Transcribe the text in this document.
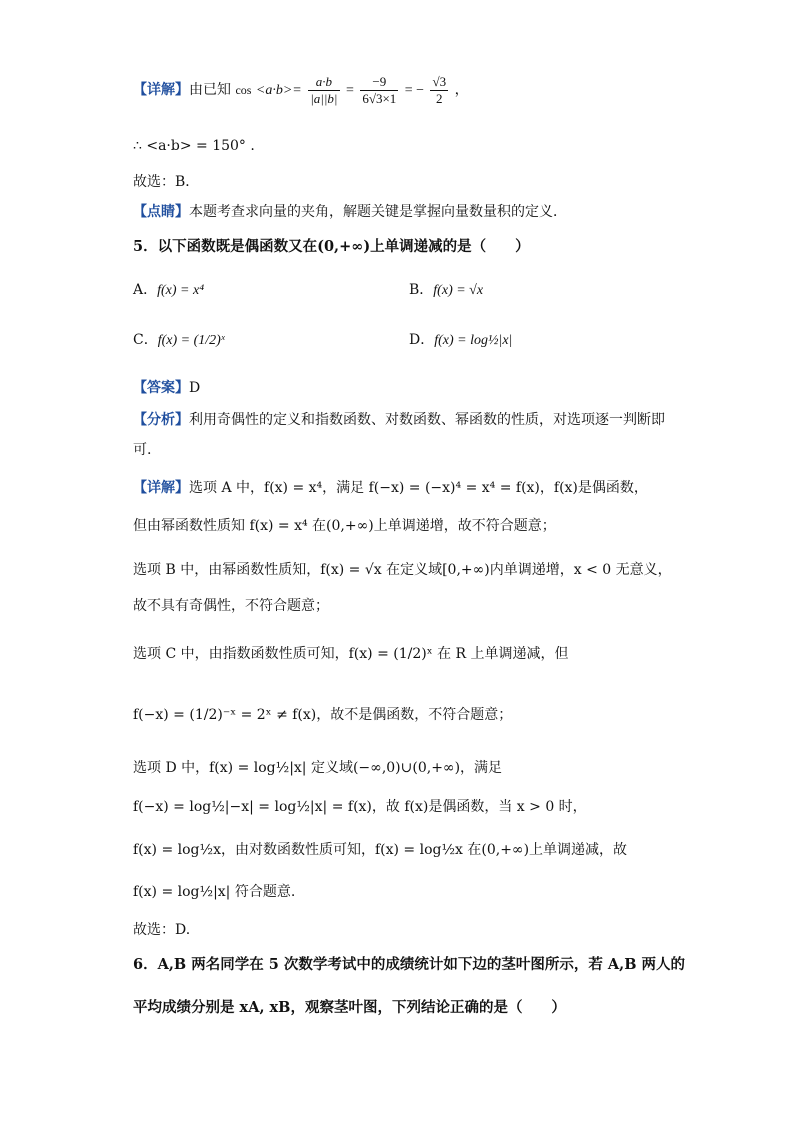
【详解】由已知 $\cos <a\cdot b>= \frac{a\cdot b}{|a||b|} = \frac{-9}{6√3\times 1}$ = − $\frac{√3}{2}$ ，
∴ <a·b> = 150° .
故选：B．
【点睛】本题考查求向量的夹角，解题关键是掌握向量数量积的定义．
5．以下函数既是偶函数又在(0,+∞)上单调递减的是（　　）
A．f(x) = x⁴	B．f(x) = √x
C．f(x) = (1/2)ˣ	D．f(x) = log½|x|
【答案】D
【分析】利用奇偶性的定义和指数函数、对数函数、幂函数的性质，对选项逐一判断即
可.
【详解】选项 A 中，f(x) = x⁴，满足 f(−x) = (−x)⁴ = x⁴ = f(x)，f(x)是偶函数，
但由幂函数性质知 f(x) = x⁴ 在(0,+∞)上单调递增，故不符合题意；
选项 B 中，由幂函数性质知，f(x) = √x 在定义域[0,+∞)内单调递增，x < 0 无意义，
故不具有奇偶性，不符合题意；
选项 C 中，由指数函数性质可知，f(x) = (1/2)ˣ 在 R 上单调递减，但
f(−x) = (1/2)⁻ˣ = 2ˣ ≠ f(x)，故不是偶函数，不符合题意；
选项 D 中，f(x) = log½|x| 定义域(−∞,0)∪(0,+∞)，满足
f(−x) = log½|−x| = log½|x| = f(x)，故 f(x)是偶函数，当 x > 0 时，
f(x) = log½x，由对数函数性质可知，f(x) = log½x 在(0,+∞)上单调递减，故
f(x) = log½|x| 符合题意.
故选：D.
6．A,B 两名同学在 5 次数学考试中的成绩统计如下边的茎叶图所示，若 A,B 两人的
平均成绩分别是 xA, xB，观察茎叶图，下列结论正确的是（　　）
